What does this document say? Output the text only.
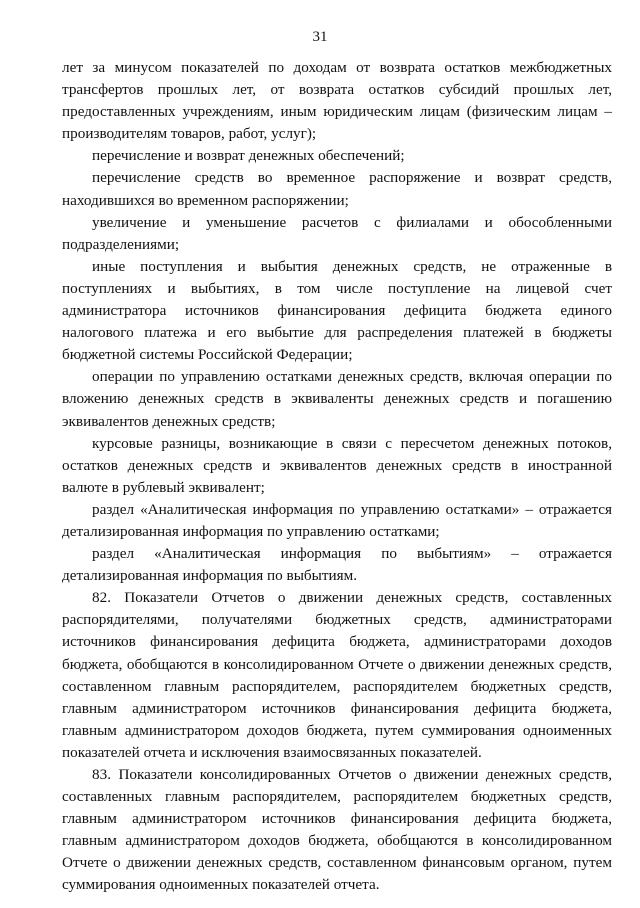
31

лет за минусом показателей по доходам от возврата остатков межбюджетных трансфертов прошлых лет, от возврата остатков субсидий прошлых лет, предоставленных учреждениям, иным юридическим лицам (физическим лицам – производителям товаров, работ, услуг);

перечисление и возврат денежных обеспечений;

перечисление средств во временное распоряжение и возврат средств, находившихся во временном распоряжении;

увеличение и уменьшение расчетов с филиалами и обособленными подразделениями;

иные поступления и выбытия денежных средств, не отраженные в поступлениях и выбытиях, в том числе поступление на лицевой счет администратора источников финансирования дефицита бюджета единого налогового платежа и его выбытие для распределения платежей в бюджеты бюджетной системы Российской Федерации;

операции по управлению остатками денежных средств, включая операции по вложению денежных средств в эквиваленты денежных средств и погашению эквивалентов денежных средств;

курсовые разницы, возникающие в связи с пересчетом денежных потоков, остатков денежных средств и эквивалентов денежных средств в иностранной валюте в рублевый эквивалент;

раздел «Аналитическая информация по управлению остатками» – отражается детализированная информация по управлению остатками;

раздел «Аналитическая информация по выбытиям» – отражается детализированная информация по выбытиям.

82. Показатели Отчетов о движении денежных средств, составленных распорядителями, получателями бюджетных средств, администраторами источников финансирования дефицита бюджета, администраторами доходов бюджета, обобщаются в консолидированном Отчете о движении денежных средств, составленном главным распорядителем, распорядителем бюджетных средств, главным администратором источников финансирования дефицита бюджета, главным администратором доходов бюджета, путем суммирования одноименных показателей отчета и исключения взаимосвязанных показателей.

83. Показатели консолидированных Отчетов о движении денежных средств, составленных главным распорядителем, распорядителем бюджетных средств, главным администратором источников финансирования дефицита бюджета, главным администратором доходов бюджета, обобщаются в консолидированном Отчете о движении денежных средств, составленном финансовым органом, путем суммирования одноименных показателей отчета.
